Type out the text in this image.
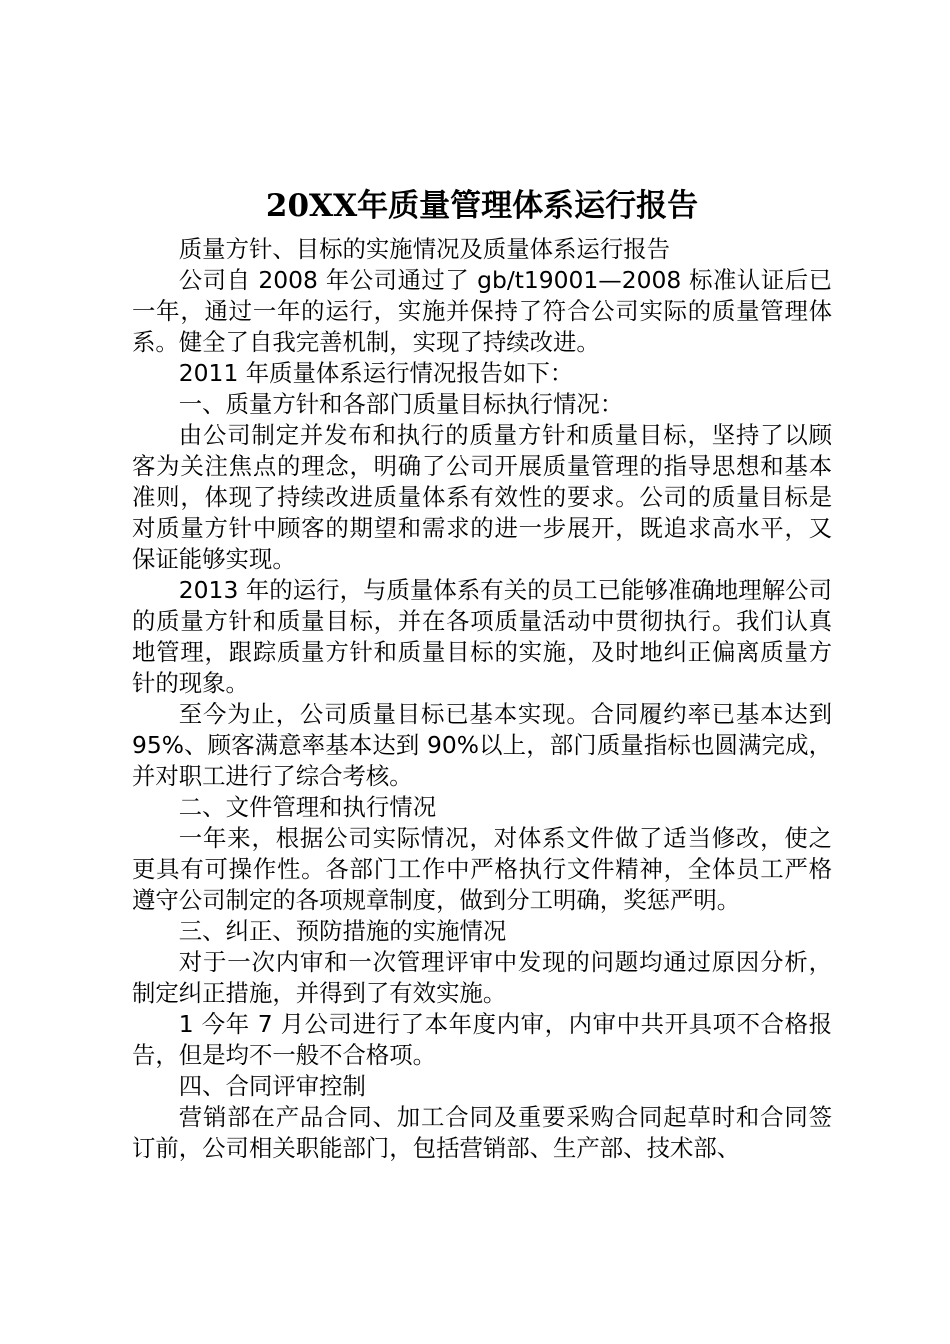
20XX年质量管理体系运行报告

质量方针、目标的实施情况及质量体系运行报告

公司自 2008 年公司通过了 gb/t19001—2008 标准认证后已一年，通过一年的运行，实施并保持了符合公司实际的质量管理体系。健全了自我完善机制，实现了持续改进。

2011 年质量体系运行情况报告如下：

一、质量方针和各部门质量目标执行情况：

由公司制定并发布和执行的质量方针和质量目标，坚持了以顾客为关注焦点的理念，明确了公司开展质量管理的指导思想和基本准则，体现了持续改进质量体系有效性的要求。公司的质量目标是对质量方针中顾客的期望和需求的进一步展开，既追求高水平，又保证能够实现。

2013 年的运行，与质量体系有关的员工已能够准确地理解公司的质量方针和质量目标，并在各项质量活动中贯彻执行。我们认真地管理，跟踪质量方针和质量目标的实施，及时地纠正偏离质量方针的现象。

至今为止，公司质量目标已基本实现。合同履约率已基本达到 95%、顾客满意率基本达到 90%以上，部门质量指标也圆满完成，并对职工进行了综合考核。

二、文件管理和执行情况

一年来，根据公司实际情况，对体系文件做了适当修改，使之更具有可操作性。各部门工作中严格执行文件精神，全体员工严格遵守公司制定的各项规章制度，做到分工明确，奖惩严明。

三、纠正、预防措施的实施情况

对于一次内审和一次管理评审中发现的问题均通过原因分析，制定纠正措施，并得到了有效实施。

1 今年 7 月公司进行了本年度内审，内审中共开具项不合格报告，但是均不一般不合格项。

四、合同评审控制

营销部在产品合同、加工合同及重要采购合同起草时和合同签订前，公司相关职能部门，包括营销部、生产部、技术部、
